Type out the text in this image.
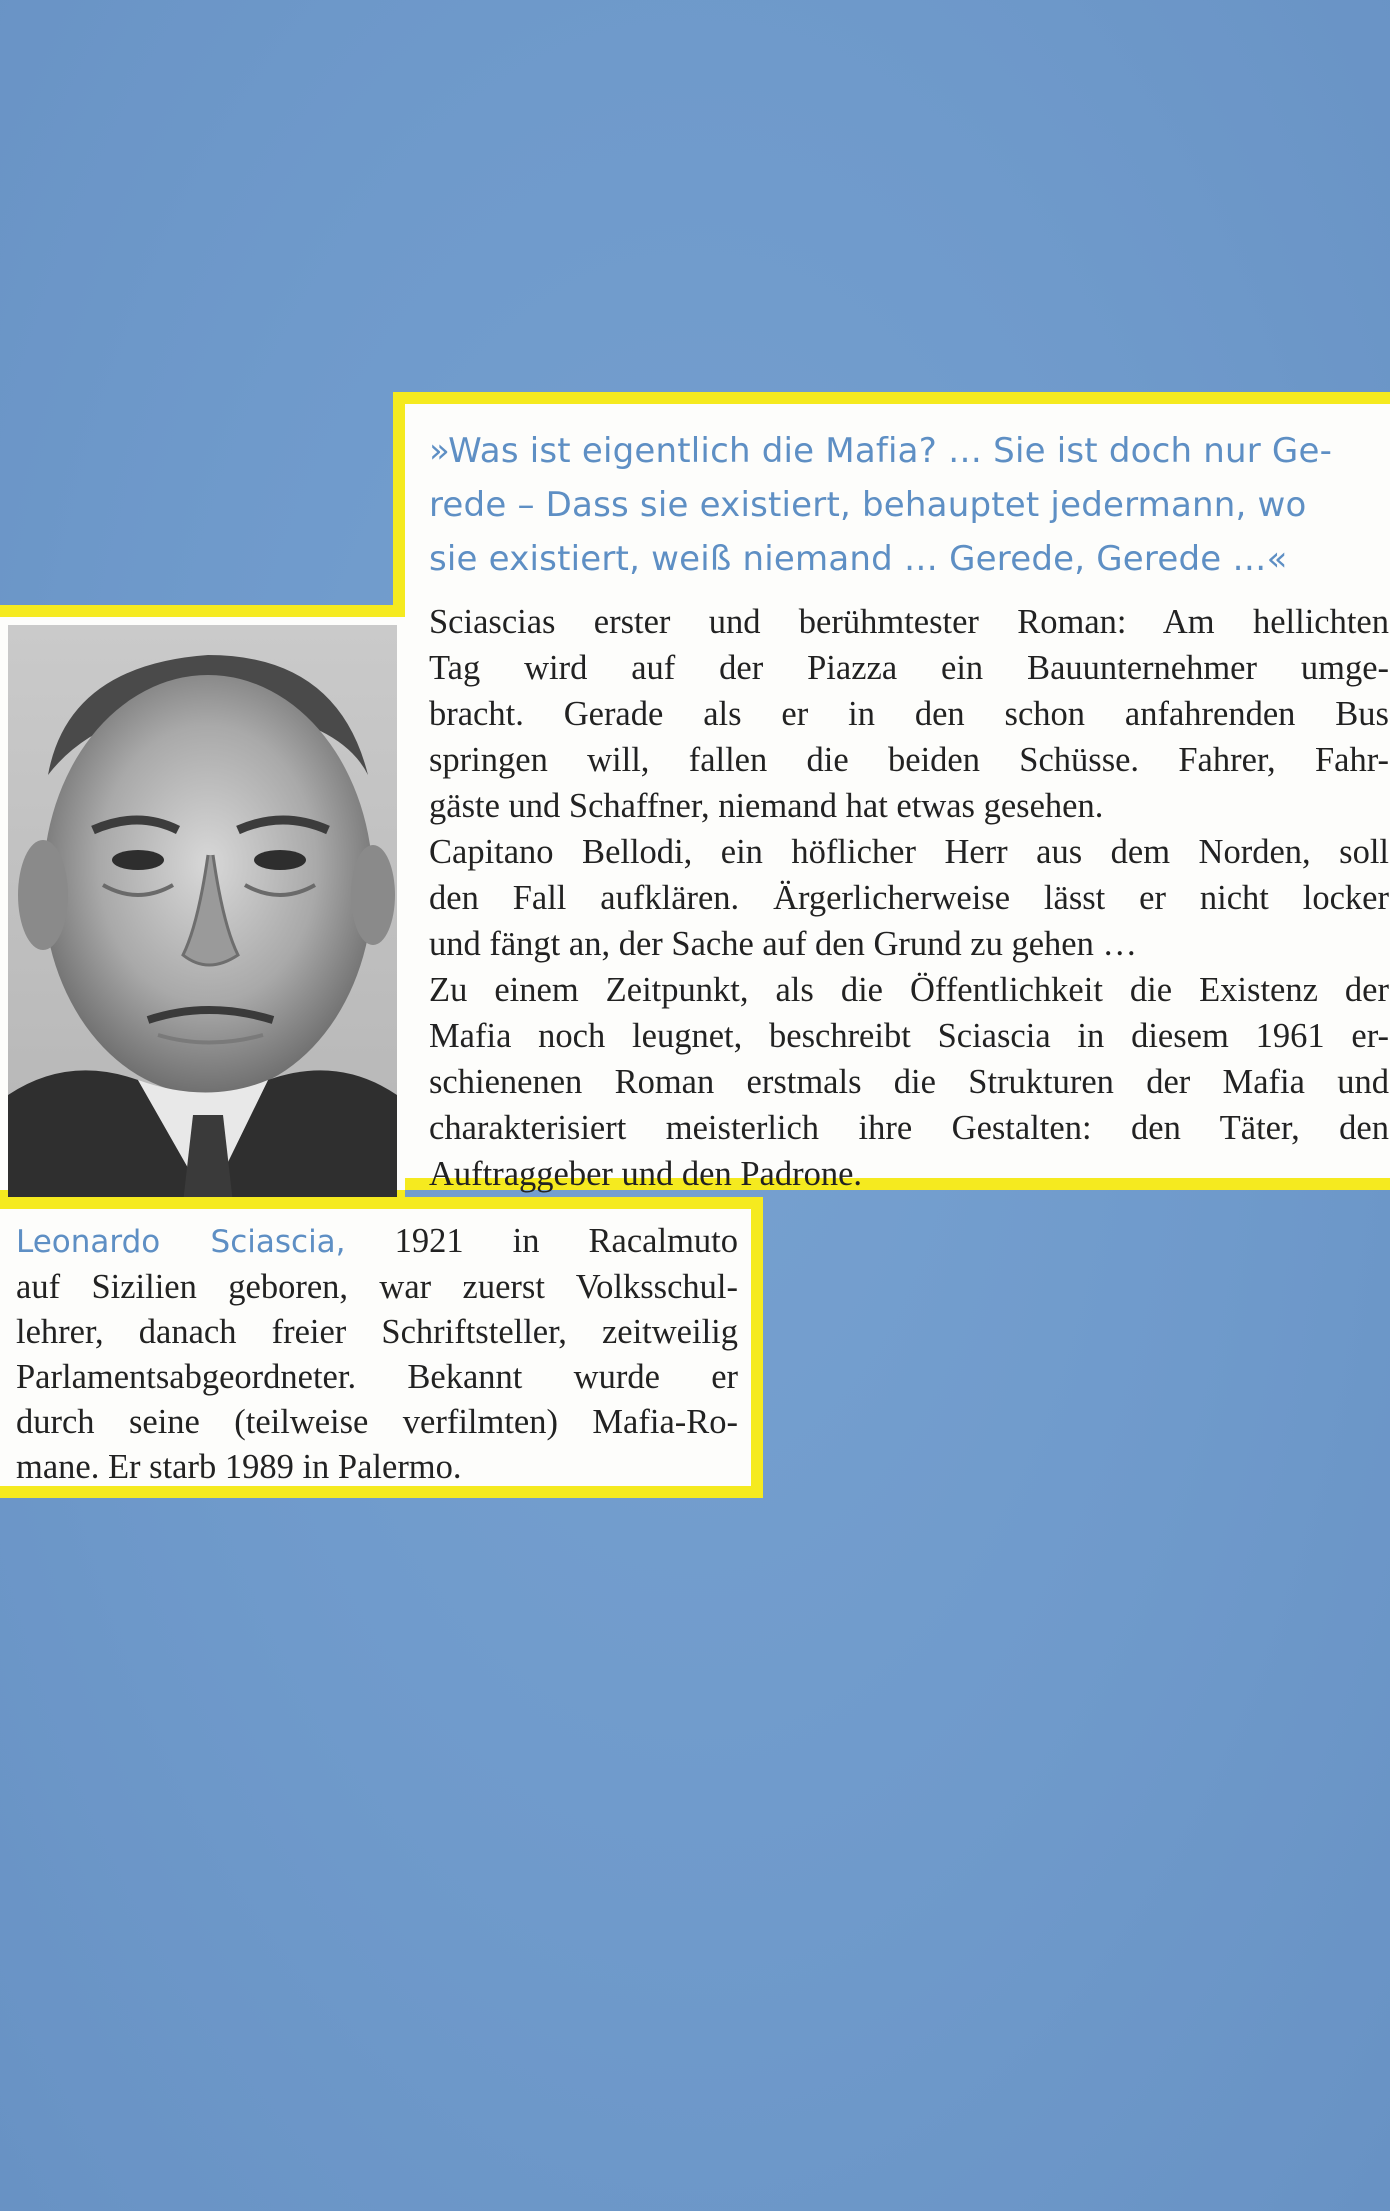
»Was ist eigentlich die Mafia? … Sie ist doch nur Ge-
rede – Dass sie existiert, behauptet jedermann, wo
sie existiert, weiß niemand … Gerede, Gerede …«
Sciascias erster und berühmtester Roman: Am hellichten
Tag wird auf der Piazza ein Bauunternehmer umge-
bracht. Gerade als er in den schon anfahrenden Bus
springen will, fallen die beiden Schüsse. Fahrer, Fahr-
gäste und Schaffner, niemand hat etwas gesehen.
Capitano Bellodi, ein höflicher Herr aus dem Norden, soll
den Fall aufklären. Ärgerlicherweise lässt er nicht locker
und fängt an, der Sache auf den Grund zu gehen …
Zu einem Zeitpunkt, als die Öffentlichkeit die Existenz der
Mafia noch leugnet, beschreibt Sciascia in diesem 1961 er-
schienenen Roman erstmals die Strukturen der Mafia und
charakterisiert meisterlich ihre Gestalten: den Täter, den
Auftraggeber und den Padrone.
Leonardo Sciascia, 1921 in Racalmuto
auf Sizilien geboren, war zuerst Volksschul-
lehrer, danach freier Schriftsteller, zeitweilig
Parlamentsabgeordneter. Bekannt wurde er
durch seine (teilweise verfilmten) Mafia-Ro-
mane. Er starb 1989 in Palermo.
